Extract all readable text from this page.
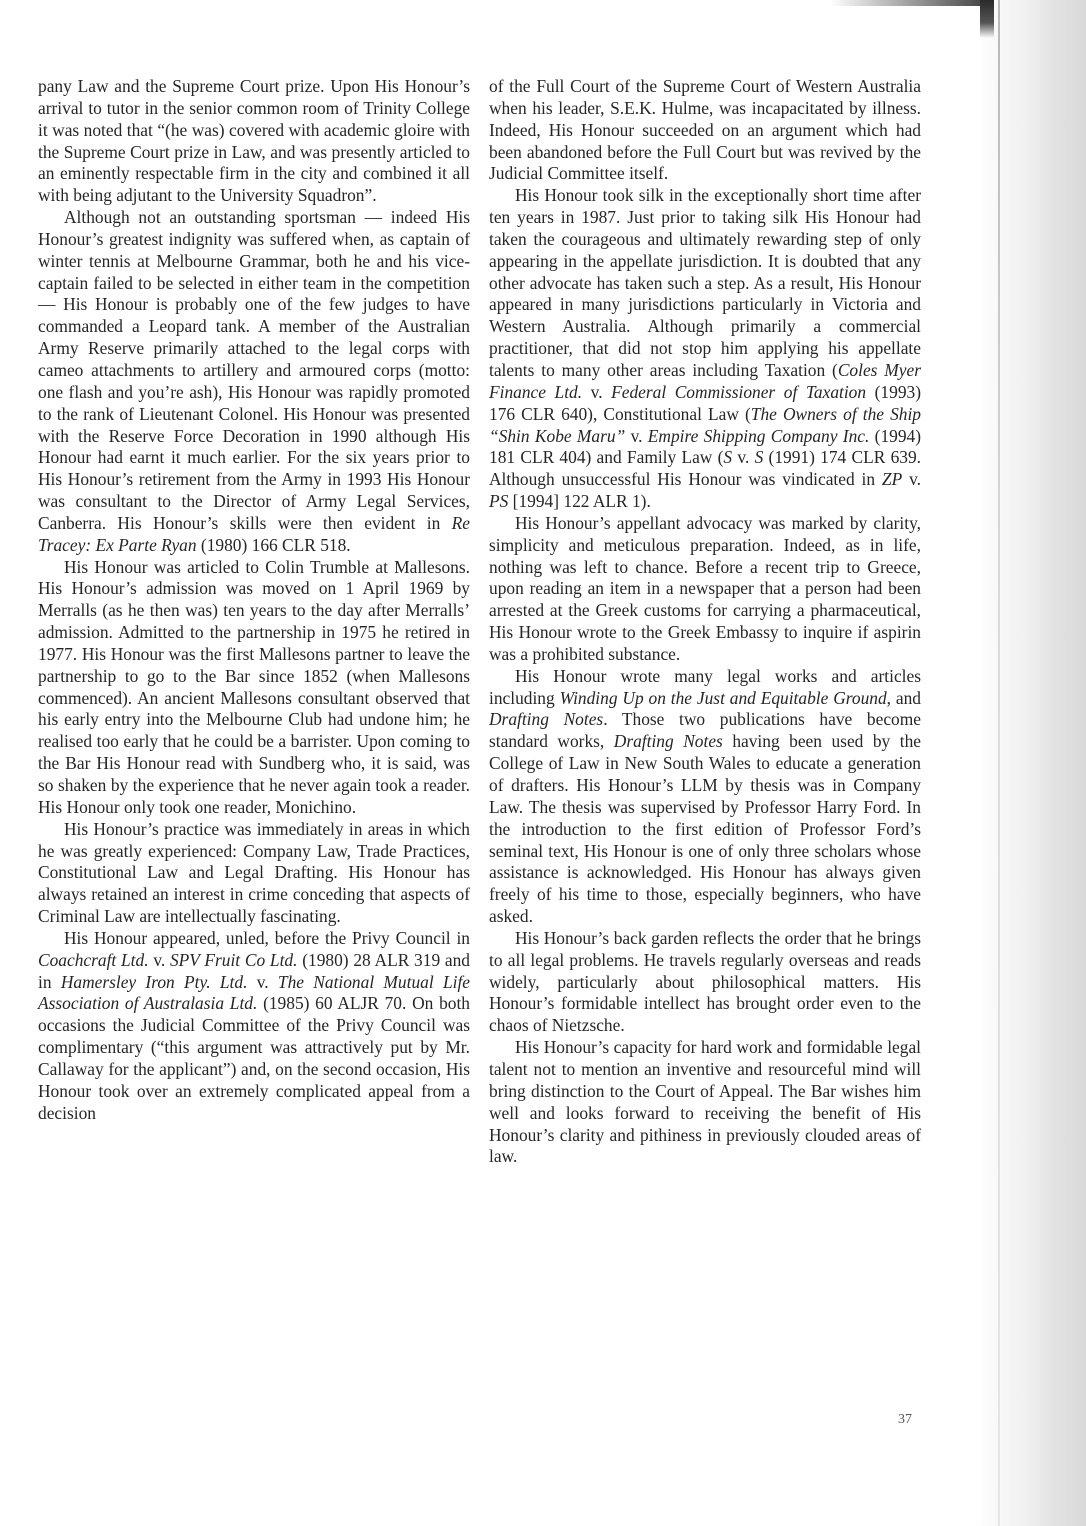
pany Law and the Supreme Court prize. Upon His Honour’s arrival to tutor in the senior common room of Trinity College it was noted that “(he was) covered with academic gloire with the Supreme Court prize in Law, and was presently articled to an eminently respectable firm in the city and combined it all with being adjutant to the University Squadron”.

Although not an outstanding sportsman — indeed His Honour’s greatest indignity was suffered when, as captain of winter tennis at Melbourne Grammar, both he and his vice-captain failed to be selected in either team in the competition — His Honour is probably one of the few judges to have commanded a Leopard tank. A member of the Australian Army Reserve primarily attached to the legal corps with cameo attachments to artillery and armoured corps (motto: one flash and you’re ash), His Honour was rapidly promoted to the rank of Lieutenant Colonel. His Honour was presented with the Reserve Force Decoration in 1990 although His Honour had earnt it much earlier. For the six years prior to His Honour’s retirement from the Army in 1993 His Honour was consultant to the Director of Army Legal Services, Canberra. His Honour’s skills were then evident in Re Tracey: Ex Parte Ryan (1980) 166 CLR 518.

His Honour was articled to Colin Trumble at Mallesons. His Honour’s admission was moved on 1 April 1969 by Merralls (as he then was) ten years to the day after Merralls’ admission. Admitted to the partnership in 1975 he retired in 1977. His Honour was the first Mallesons partner to leave the partnership to go to the Bar since 1852 (when Mallesons commenced). An ancient Mallesons consultant observed that his early entry into the Melbourne Club had undone him; he realised too early that he could be a barrister. Upon coming to the Bar His Honour read with Sundberg who, it is said, was so shaken by the experience that he never again took a reader. His Honour only took one reader, Monichino.

His Honour’s practice was immediately in areas in which he was greatly experienced: Company Law, Trade Practices, Constitutional Law and Legal Drafting. His Honour has always retained an interest in crime conceding that aspects of Criminal Law are intellectually fascinating.

His Honour appeared, unled, before the Privy Council in Coachcraft Ltd. v. SPV Fruit Co Ltd. (1980) 28 ALR 319 and in Hamersley Iron Pty. Ltd. v. The National Mutual Life Association of Australasia Ltd. (1985) 60 ALJR 70. On both occasions the Judicial Committee of the Privy Council was complimentary (“this argument was attractively put by Mr. Callaway for the applicant”) and, on the second occasion, His Honour took over an extremely complicated appeal from a decision

of the Full Court of the Supreme Court of Western Australia when his leader, S.E.K. Hulme, was incapacitated by illness. Indeed, His Honour succeeded on an argument which had been abandoned before the Full Court but was revived by the Judicial Committee itself.

His Honour took silk in the exceptionally short time after ten years in 1987. Just prior to taking silk His Honour had taken the courageous and ultimately rewarding step of only appearing in the appellate jurisdiction. It is doubted that any other advocate has taken such a step. As a result, His Honour appeared in many jurisdictions particularly in Victoria and Western Australia. Although primarily a commercial practitioner, that did not stop him applying his appellate talents to many other areas including Taxation (Coles Myer Finance Ltd. v. Federal Commissioner of Taxation (1993) 176 CLR 640), Constitutional Law (The Owners of the Ship “Shin Kobe Maru” v. Empire Shipping Company Inc. (1994) 181 CLR 404) and Family Law (S v. S (1991) 174 CLR 639. Although unsuccessful His Honour was vindicated in ZP v. PS [1994] 122 ALR 1).

His Honour’s appellant advocacy was marked by clarity, simplicity and meticulous preparation. Indeed, as in life, nothing was left to chance. Before a recent trip to Greece, upon reading an item in a newspaper that a person had been arrested at the Greek customs for carrying a pharmaceutical, His Honour wrote to the Greek Embassy to inquire if aspirin was a prohibited substance.

His Honour wrote many legal works and articles including Winding Up on the Just and Equitable Ground, and Drafting Notes. Those two publications have become standard works, Drafting Notes having been used by the College of Law in New South Wales to educate a generation of drafters. His Honour’s LLM by thesis was in Company Law. The thesis was supervised by Professor Harry Ford. In the introduction to the first edition of Professor Ford’s seminal text, His Honour is one of only three scholars whose assistance is acknowledged. His Honour has always given freely of his time to those, especially beginners, who have asked.

His Honour’s back garden reflects the order that he brings to all legal problems. He travels regularly overseas and reads widely, particularly about philosophical matters. His Honour’s formidable intellect has brought order even to the chaos of Nietzsche.

His Honour’s capacity for hard work and formidable legal talent not to mention an inventive and resourceful mind will bring distinction to the Court of Appeal. The Bar wishes him well and looks forward to receiving the benefit of His Honour’s clarity and pithiness in previously clouded areas of law.

37
